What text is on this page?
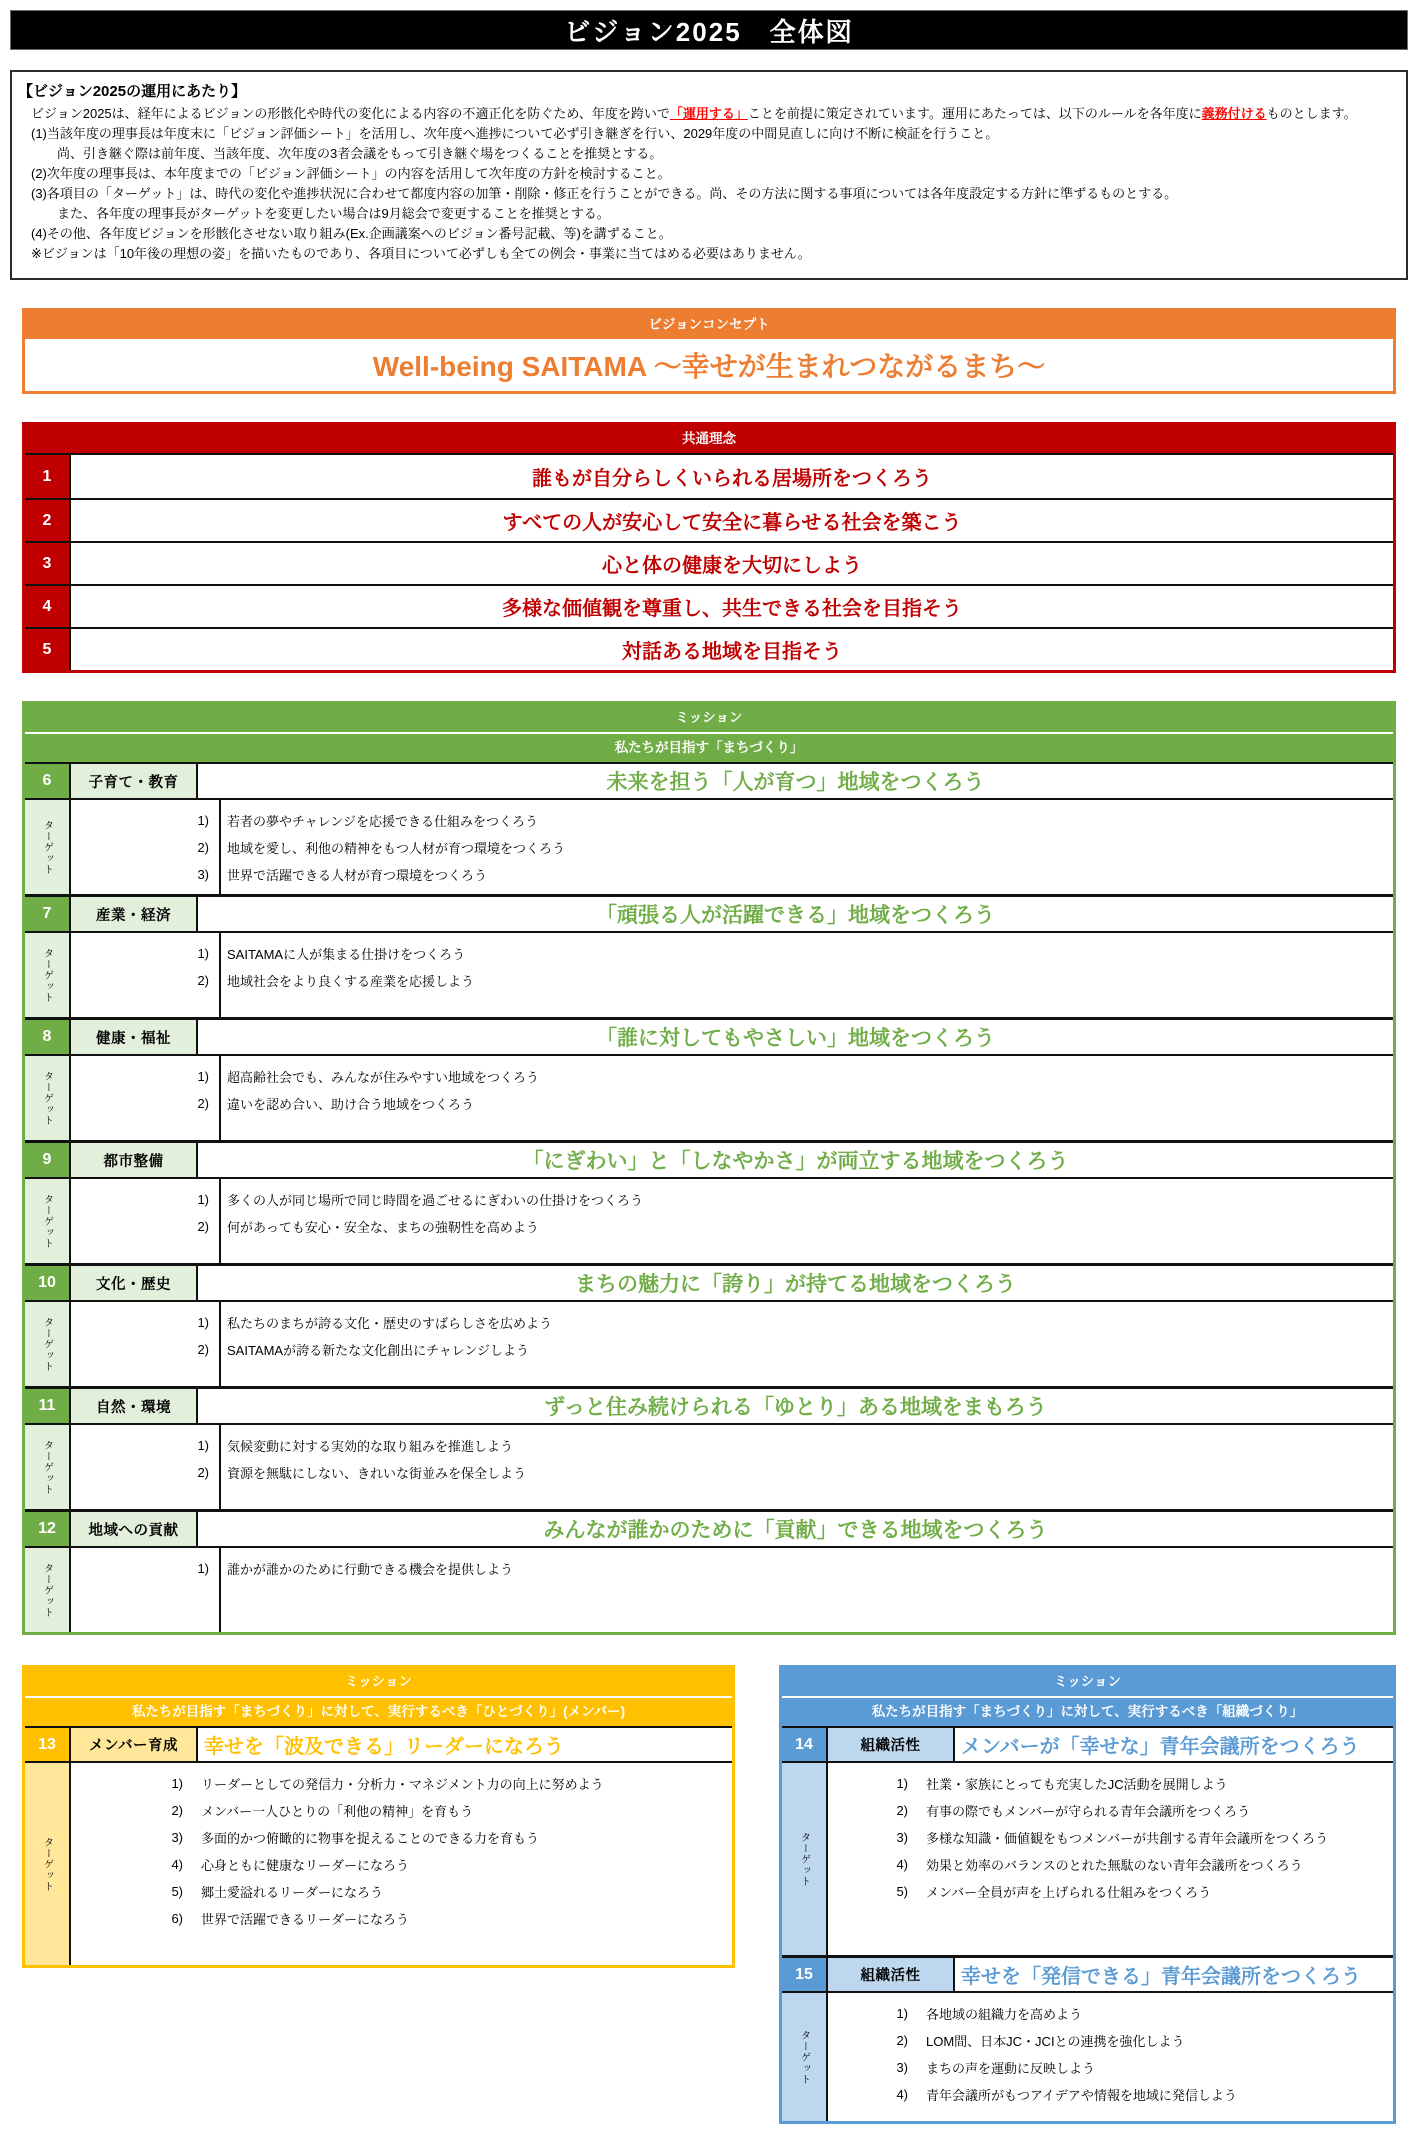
ビジョン2025　全体図
【ビジョン2025の運用にあたり】
　ビジョン2025は、経年によるビジョンの形骸化や時代の変化による内容の不適正化を防ぐため、年度を跨いで「運用する」ことを前提に策定されています。運用にあたっては、以下のルールを各年度に義務付けるものとします。
　(1)当該年度の理事長は年度末に「ビジョン評価シート」を活用し、次年度へ進捗について必ず引き継ぎを行い、2029年度の中間見直しに向け不断に検証を行うこと。
　　　尚、引き継ぐ際は前年度、当該年度、次年度の3者会議をもって引き継ぐ場をつくることを推奨とする。
　(2)次年度の理事長は、本年度までの「ビジョン評価シート」の内容を活用して次年度の方針を検討すること。
　(3)各項目の「ターゲット」は、時代の変化や進捗状況に合わせて都度内容の加筆・削除・修正を行うことができる。尚、その方法に関する事項については各年度設定する方針に準ずるものとする。
　　　また、各年度の理事長がターゲットを変更したい場合は9月総会で変更することを推奨とする。
　(4)その他、各年度ビジョンを形骸化させない取り組み(Ex.企画議案へのビジョン番号記載、等)を講ずること。
　※ビジョンは「10年後の理想の姿」を描いたものであり、各項目について必ずしも全ての例会・事業に当てはめる必要はありません。
ビジョンコンセプト
Well-being SAITAMA ～幸せが生まれつながるまち～
共通理念
1	誰もが自分らしくいられる居場所をつくろう
2	すべての人が安心して安全に暮らせる社会を築こう
3	心と体の健康を大切にしよう
4	多様な価値観を尊重し、共生できる社会を目指そう
5	対話ある地域を目指そう
ミッション
私たちが目指す「まちづくり」
6	子育て・教育	未来を担う「人が育つ」地域をつくろう
ターゲット	1)	若者の夢やチャレンジを応援できる仕組みをつくろう
2)	地域を愛し、利他の精神をもつ人材が育つ環境をつくろう
3)	世界で活躍できる人材が育つ環境をつくろう
7	産業・経済	「頑張る人が活躍できる」地域をつくろう
ターゲット	1)	SAITAMAに人が集まる仕掛けをつくろう
2)	地域社会をより良くする産業を応援しよう
8	健康・福祉	「誰に対してもやさしい」地域をつくろう
ターゲット	1)	超高齢社会でも、みんなが住みやすい地域をつくろう
2)	違いを認め合い、助け合う地域をつくろう
9	都市整備	「にぎわい」と「しなやかさ」が両立する地域をつくろう
ターゲット	1)	多くの人が同じ場所で同じ時間を過ごせるにぎわいの仕掛けをつくろう
2)	何があっても安心・安全な、まちの強靭性を高めよう
10	文化・歴史	まちの魅力に「誇り」が持てる地域をつくろう
ターゲット	1)	私たちのまちが誇る文化・歴史のすばらしさを広めよう
2)	SAITAMAが誇る新たな文化創出にチャレンジしよう
11	自然・環境	ずっと住み続けられる「ゆとり」ある地域をまもろう
ターゲット	1)	気候変動に対する実効的な取り組みを推進しよう
2)	資源を無駄にしない、きれいな街並みを保全しよう
12	地域への貢献	みんなが誰かのために「貢献」できる地域をつくろう
ターゲット	1)	誰かが誰かのために行動できる機会を提供しよう
ミッション
私たちが目指す「まちづくり」に対して、実行するべき「ひとづくり」(メンバー)
13	メンバー育成	幸せを「波及できる」リーダーになろう
ターゲット
1)	リーダーとしての発信力・分析力・マネジメント力の向上に努めよう
2)	メンバー一人ひとりの「利他の精神」を育もう
3)	多面的かつ俯瞰的に物事を捉えることのできる力を育もう
4)	心身ともに健康なリーダーになろう
5)	郷土愛溢れるリーダーになろう
6)	世界で活躍できるリーダーになろう
ミッション
私たちが目指す「まちづくり」に対して、実行するべき「組織づくり」
14	組織活性	メンバーが「幸せな」青年会議所をつくろう
ターゲット
1)	社業・家族にとっても充実したJC活動を展開しよう
2)	有事の際でもメンバーが守られる青年会議所をつくろう
3)	多様な知識・価値観をもつメンバーが共創する青年会議所をつくろう
4)	効果と効率のバランスのとれた無駄のない青年会議所をつくろう
5)	メンバー全員が声を上げられる仕組みをつくろう
15	組織活性	幸せを「発信できる」青年会議所をつくろう
ターゲット
1)	各地域の組織力を高めよう
2)	LOM間、日本JC・JCIとの連携を強化しよう
3)	まちの声を運動に反映しよう
4)	青年会議所がもつアイデアや情報を地域に発信しよう
